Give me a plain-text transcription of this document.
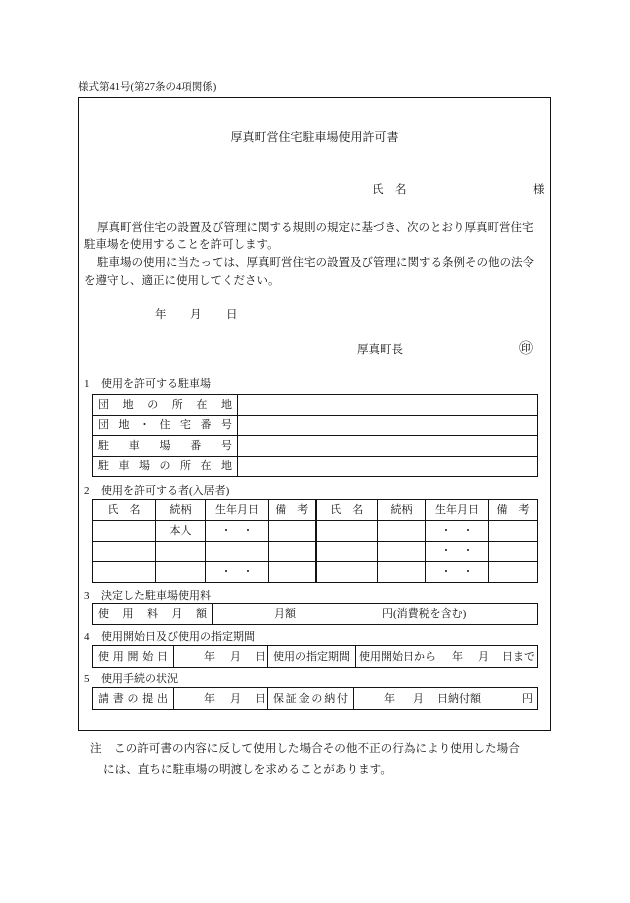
様式第41号(第27条の4項関係)
厚真町営住宅駐車場使用許可書
氏　名	様
厚真町営住宅の設置及び管理に関する規則の規定に基づき、次のとおり厚真町営住宅
駐車場を使用することを許可します。
駐車場の使用に当たっては、厚真町営住宅の設置及び管理に関する条例その他の法令
を遵守し、適正に使用してください。
年 月 日
厚真町長	㊞
1 使用を許可する駐車場
団地の所在地	

団地・住宅番号	

駐車場番号	

駐車場の所在地	

2 使用を許可する者(入居者)
氏　名	続柄	生年月日	備　考	氏　名	続柄	生年月日	備　考
	本人	・　・				・　・	
						・　・	
		・　・				・　・	
3 決定した駐車場使用料
使用料月額	月額	円(消費税を含む)
4 使用開始日及び使用の指定期間
使用開始日	年 月 日	使用の指定期間	使用開始日から 年 月 日まで
5 使用手続の状況
請書の提出	年 月 日	保証金の納付	年 月 日納付額	円
注 この許可書の内容に反して使用した場合その他不正の行為により使用した場合
には、直ちに駐車場の明渡しを求めることがあります。
